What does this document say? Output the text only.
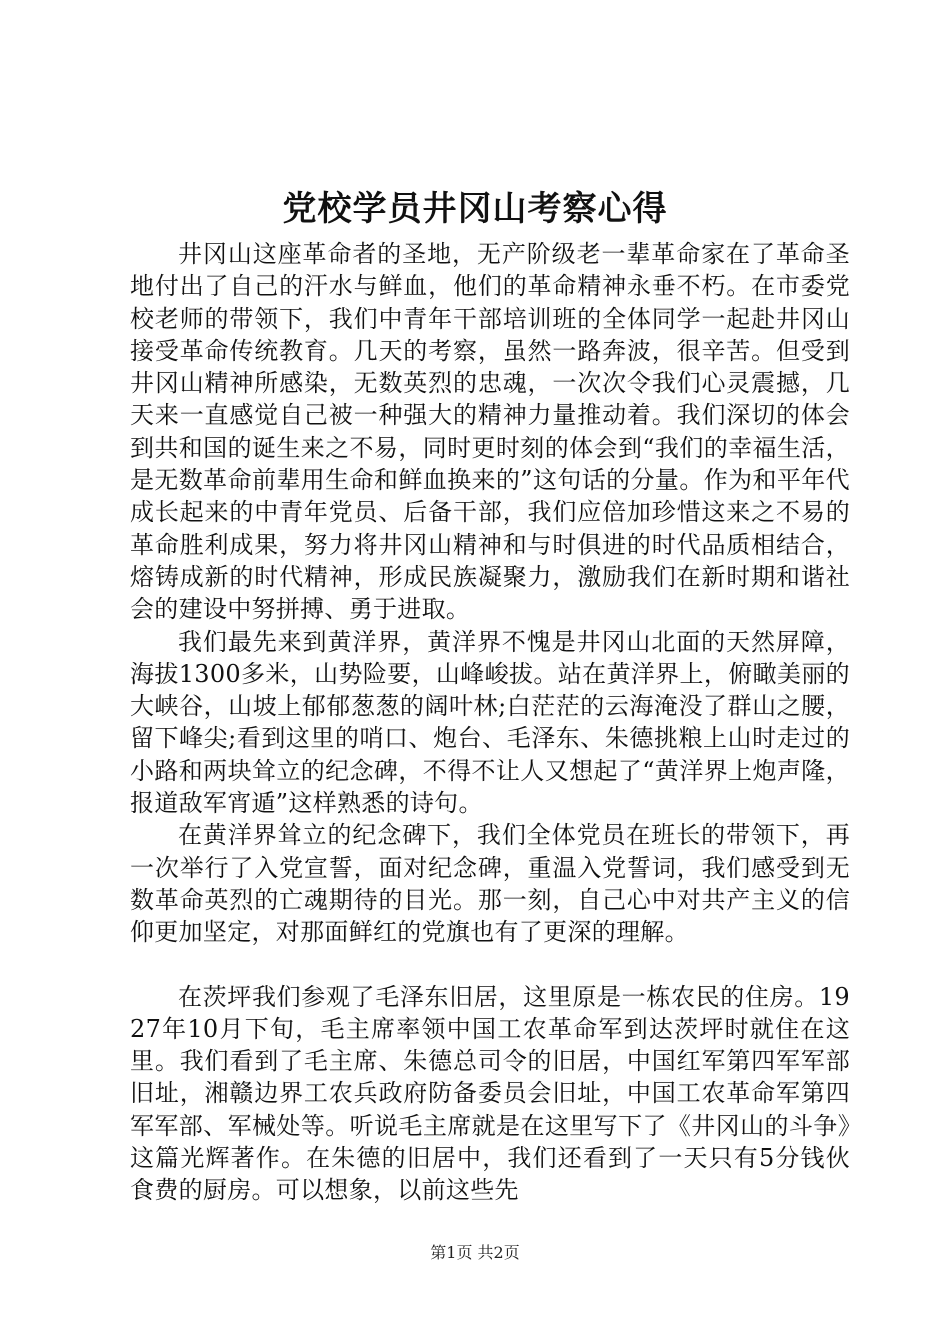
党校学员井冈山考察心得

井冈山这座革命者的圣地，无产阶级老一辈革命家在了革命圣地付出了自己的汗水与鲜血，他们的革命精神永垂不朽。在市委党校老师的带领下，我们中青年干部培训班的全体同学一起赴井冈山接受革命传统教育。几天的考察，虽然一路奔波，很辛苦。但受到井冈山精神所感染，无数英烈的忠魂，一次次令我们心灵震撼，几天来一直感觉自己被一种强大的精神力量推动着。我们深切的体会到共和国的诞生来之不易，同时更时刻的体会到“我们的幸福生活，是无数革命前辈用生命和鲜血换来的”这句话的分量。作为和平年代成长起来的中青年党员、后备干部，我们应倍加珍惜这来之不易的革命胜利成果，努力将井冈山精神和与时俱进的时代品质相结合，熔铸成新的时代精神，形成民族凝聚力，激励我们在新时期和谐社会的建设中努拼搏、勇于进取。

我们最先来到黄洋界，黄洋界不愧是井冈山北面的天然屏障，海拔1300多米，山势险要，山峰峻拔。站在黄洋界上，俯瞰美丽的大峡谷，山坡上郁郁葱葱的阔叶林;白茫茫的云海淹没了群山之腰，留下峰尖;看到这里的哨口、炮台、毛泽东、朱德挑粮上山时走过的小路和两块耸立的纪念碑，不得不让人又想起了“黄洋界上炮声隆，报道敌军宵遁”这样熟悉的诗句。

在黄洋界耸立的纪念碑下，我们全体党员在班长的带领下，再一次举行了入党宣誓，面对纪念碑，重温入党誓词，我们感受到无数革命英烈的亡魂期待的目光。那一刻，自己心中对共产主义的信仰更加坚定，对那面鲜红的党旗也有了更深的理解。

在茨坪我们参观了毛泽东旧居，这里原是一栋农民的住房。1927年10月下旬，毛主席率领中国工农革命军到达茨坪时就住在这里。我们看到了毛主席、朱德总司令的旧居，中国红军第四军军部旧址，湘赣边界工农兵政府防备委员会旧址，中国工农革命军第四军军部、军械处等。听说毛主席就是在这里写下了《井冈山的斗争》这篇光辉著作。在朱德的旧居中，我们还看到了一天只有5分钱伙食费的厨房。可以想象，以前这些先

第1页 共2页
